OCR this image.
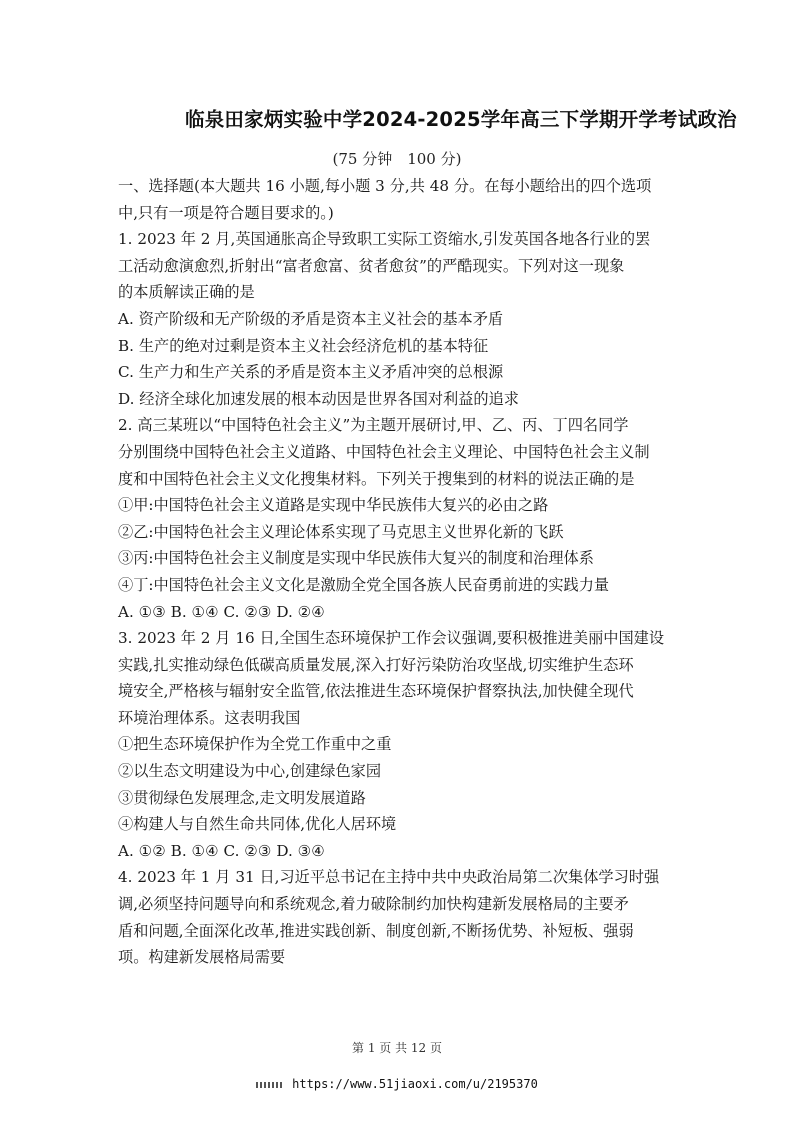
临泉田家炳实验中学2024-2025学年高三下学期开学考试政治
(75 分钟　100 分)
一、选择题(本大题共 16 小题,每小题 3 分,共 48 分。在每小题给出的四个选项
中,只有一项是符合题目要求的。)
1. 2023 年 2 月,英国通胀高企导致职工实际工资缩水,引发英国各地各行业的罢
工活动愈演愈烈,折射出“富者愈富、贫者愈贫”的严酷现实。下列对这一现象
的本质解读正确的是
A. 资产阶级和无产阶级的矛盾是资本主义社会的基本矛盾
B. 生产的绝对过剩是资本主义社会经济危机的基本特征
C. 生产力和生产关系的矛盾是资本主义矛盾冲突的总根源
D. 经济全球化加速发展的根本动因是世界各国对利益的追求
2. 高三某班以“中国特色社会主义”为主题开展研讨,甲、乙、丙、丁四名同学
分别围绕中国特色社会主义道路、中国特色社会主义理论、中国特色社会主义制
度和中国特色社会主义文化搜集材料。下列关于搜集到的材料的说法正确的是
①甲:中国特色社会主义道路是实现中华民族伟大复兴的必由之路
②乙:中国特色社会主义理论体系实现了马克思主义世界化新的飞跃
③丙:中国特色社会主义制度是实现中华民族伟大复兴的制度和治理体系
④丁:中国特色社会主义文化是激励全党全国各族人民奋勇前进的实践力量
A. ①③ B. ①④ C. ②③ D. ②④
3. 2023 年 2 月 16 日,全国生态环境保护工作会议强调,要积极推进美丽中国建设
实践,扎实推动绿色低碳高质量发展,深入打好污染防治攻坚战,切实维护生态环
境安全,严格核与辐射安全监管,依法推进生态环境保护督察执法,加快健全现代
环境治理体系。这表明我国
①把生态环境保护作为全党工作重中之重
②以生态文明建设为中心,创建绿色家园
③贯彻绿色发展理念,走文明发展道路
④构建人与自然生命共同体,优化人居环境
A. ①② B. ①④ C. ②③ D. ③④
4. 2023 年 1 月 31 日,习近平总书记在主持中共中央政治局第二次集体学习时强
调,必须坚持问题导向和系统观念,着力破除制约加快构建新发展格局的主要矛
盾和问题,全面深化改革,推进实践创新、制度创新,不断扬优势、补短板、强弱
项。构建新发展格局需要
第 1 页 共 12 页
https://www.51jiaoxi.com/u/2195370
